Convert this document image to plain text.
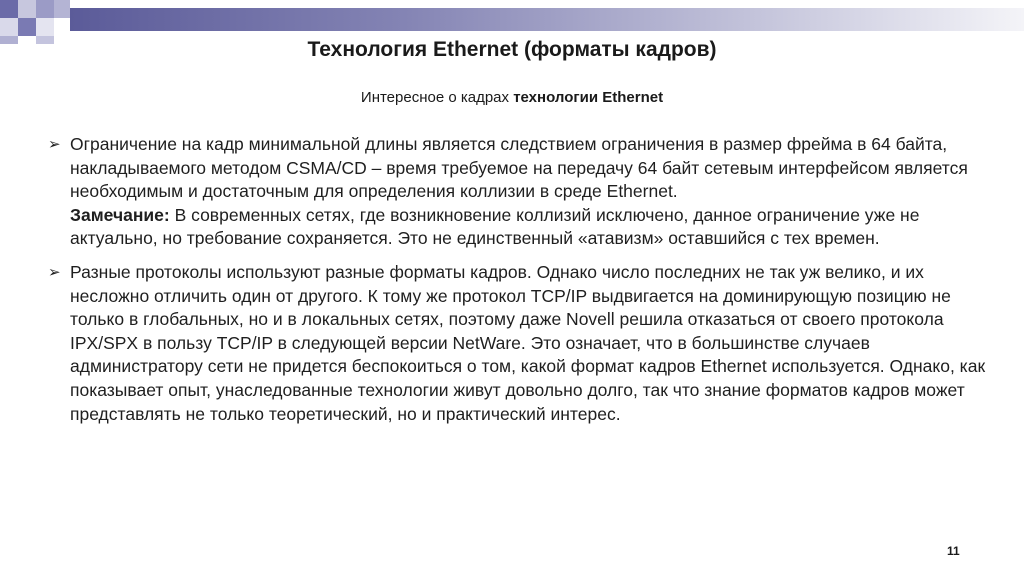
Технология Ethernet (форматы кадров)

Интересное о кадрах технологии Ethernet

➢ Ограничение на кадр минимальной длины является следствием ограничения в размер фрейма в 64 байта, накладываемого методом CSMA/CD – время требуемое на передачу 64 байт сетевым интерфейсом является необходимым и достаточным для определения коллизии в среде Ethernet.
Замечание: В современных сетях, где возникновение коллизий исключено, данное ограничение уже не актуально, но требование сохраняется. Это не единственный «атавизм» оставшийся с тех времен.
➢ Разные протоколы используют разные форматы кадров. Однако число последних не так уж велико, и их несложно отличить один от другого. К тому же протокол TCP/IP выдвигается на доминирующую позицию не только в глобальных, но и в локальных сетях, поэтому даже Novell решила отказаться от своего протокола IPX/SPX в пользу TCP/IP в следующей версии NetWare. Это означает, что в большинстве случаев администратору сети не придется беспокоиться о том, какой формат кадров Ethernet используется. Однако, как показывает опыт, унаследованные технологии живут довольно долго, так что знание форматов кадров может представлять не только теоретический, но и практический интерес.
11
